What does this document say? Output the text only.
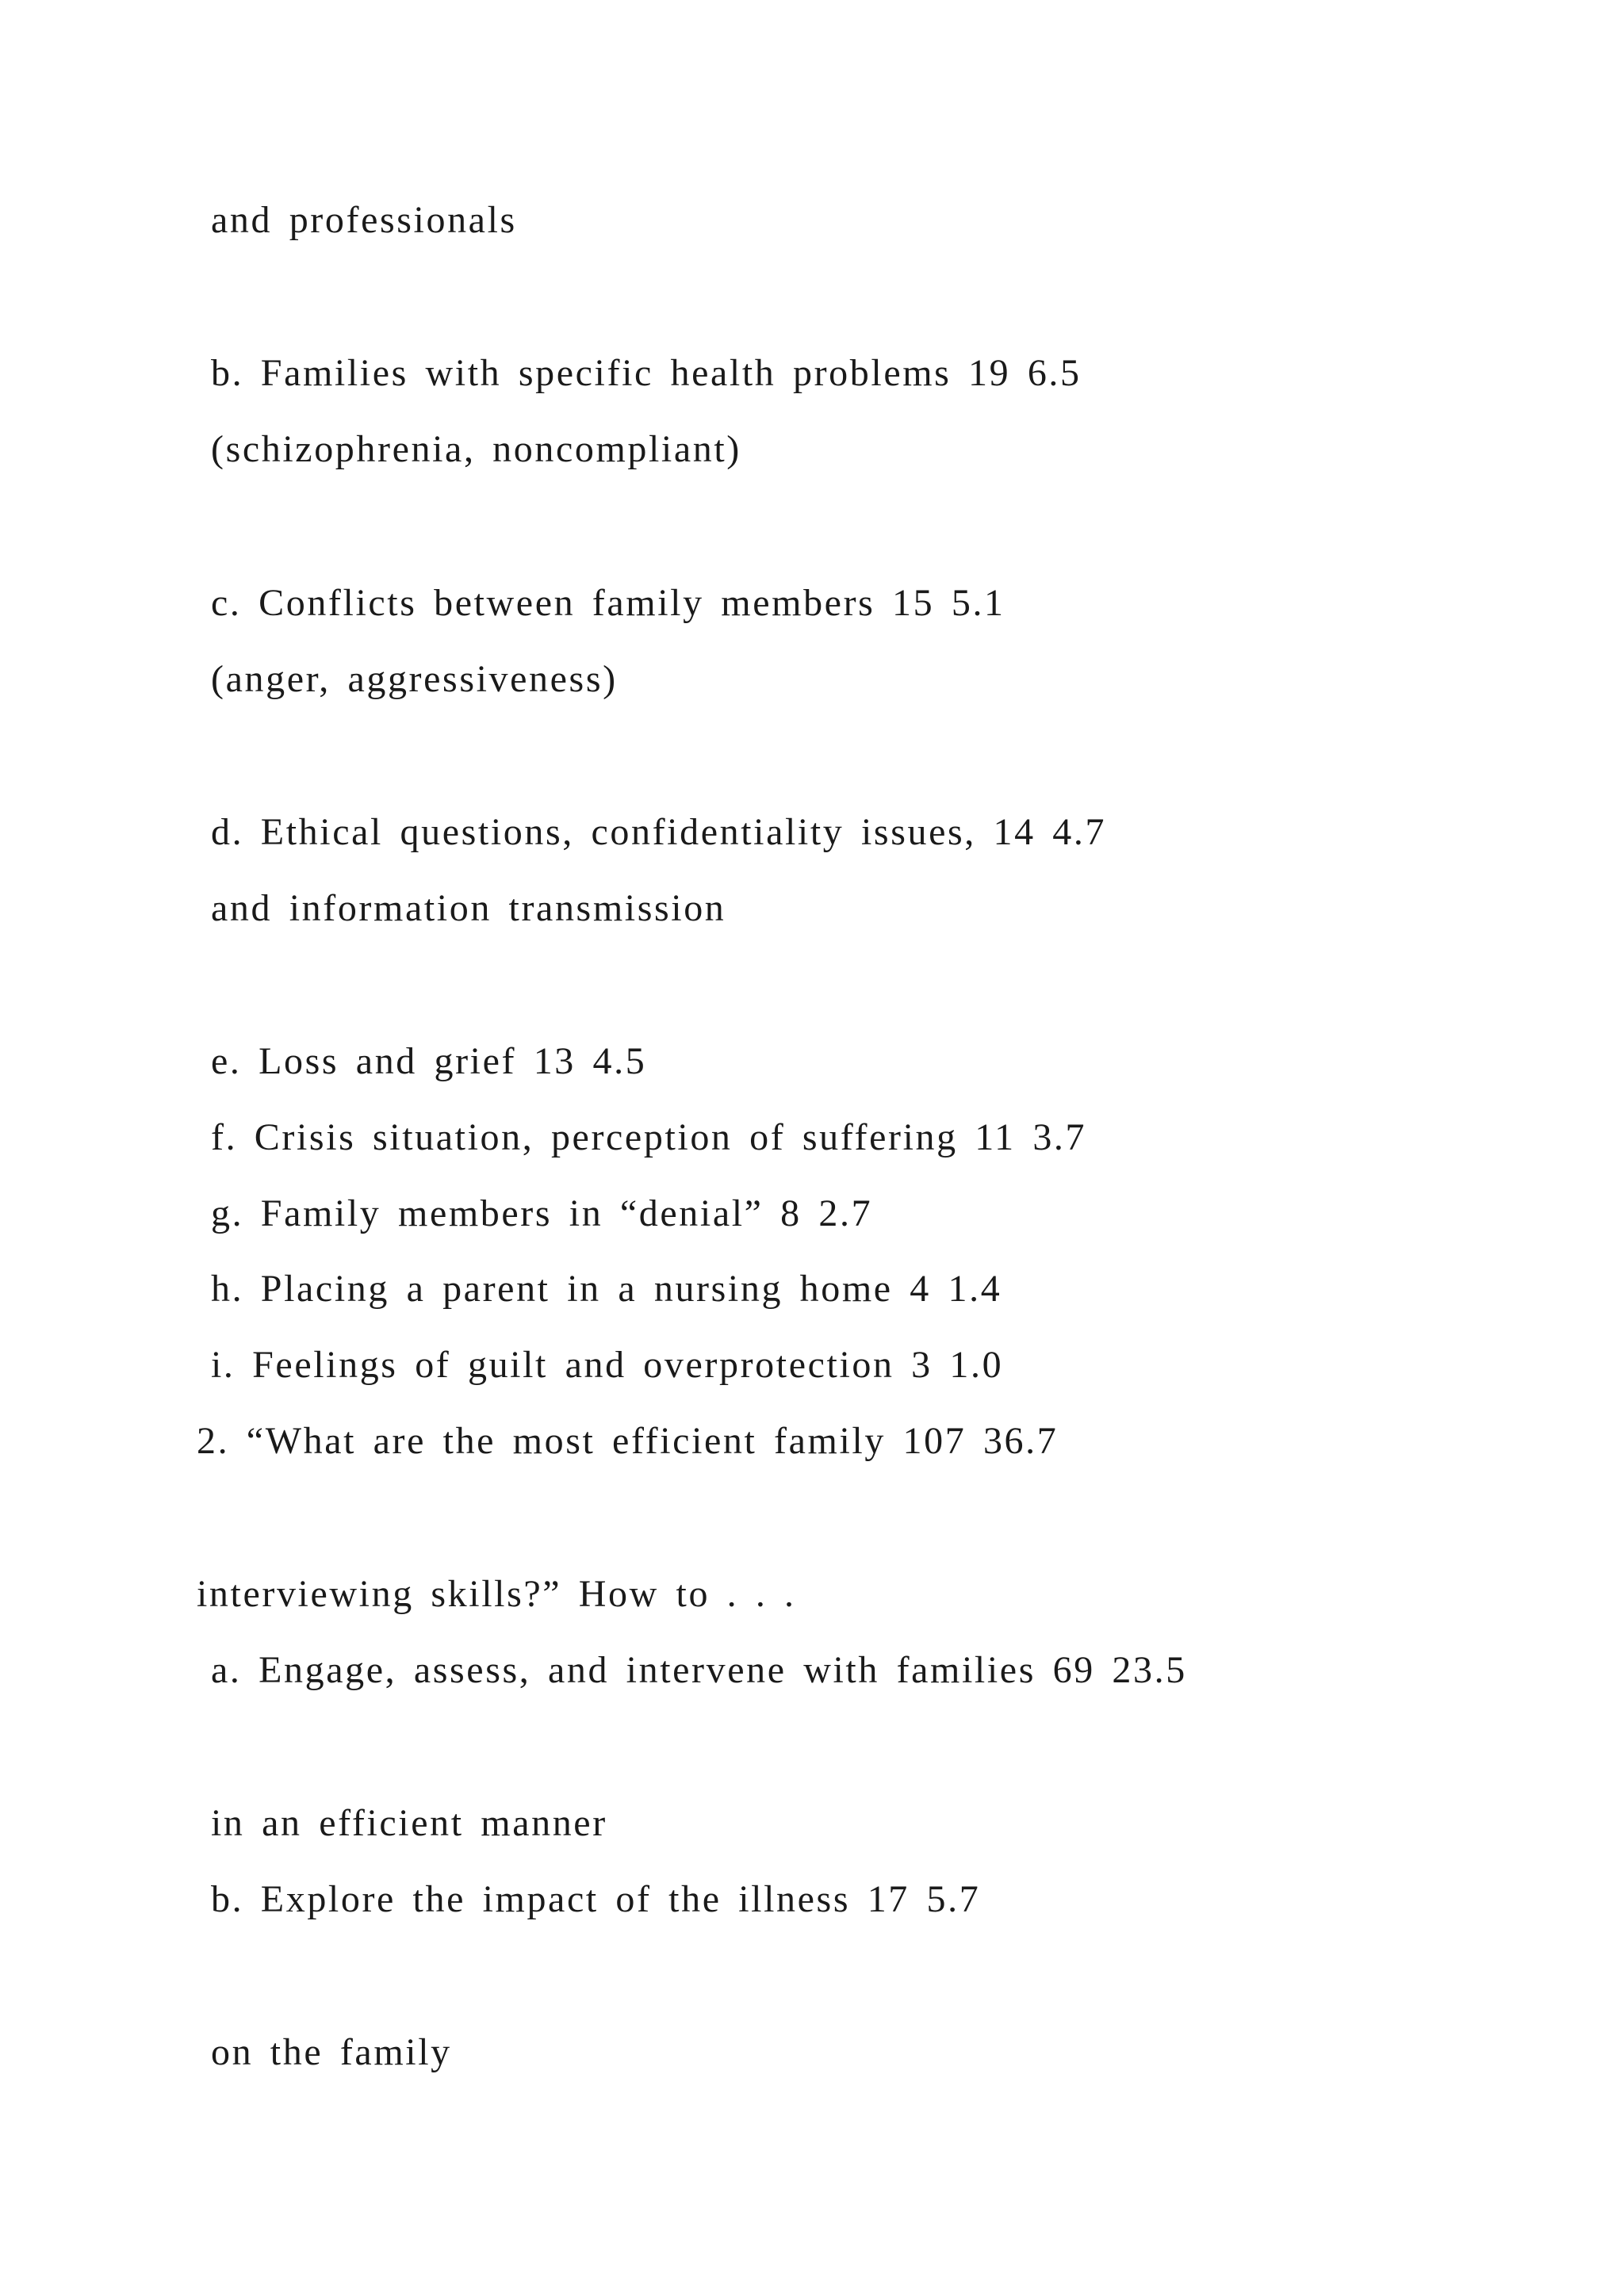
and professionals

b. Families with specific health problems 19 6.5

(schizophrenia, noncompliant)

c. Conflicts between family members 15 5.1

(anger, aggressiveness)

d. Ethical questions, confidentiality issues, 14 4.7

and information transmission

e. Loss and grief 13 4.5

f. Crisis situation, perception of suffering 11 3.7

g. Family members in “denial” 8 2.7

h. Placing a parent in a nursing home 4 1.4

i. Feelings of guilt and overprotection 3 1.0

2. “What are the most efficient family 107 36.7

interviewing skills?” How to . . .

a. Engage, assess, and intervene with families 69 23.5

in an efficient manner

b. Explore the impact of the illness 17 5.7

on the family
